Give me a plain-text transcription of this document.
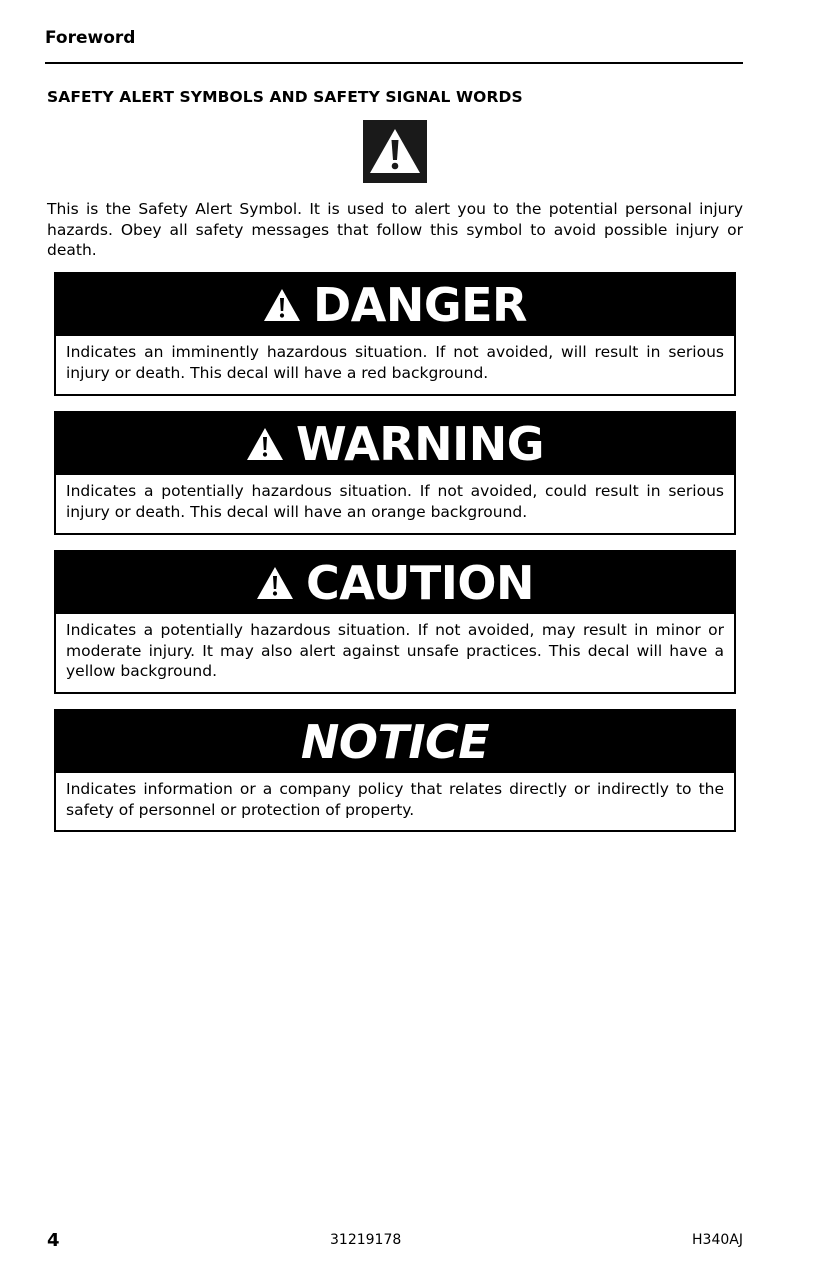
Foreword
SAFETY ALERT SYMBOLS AND SAFETY SIGNAL WORDS
This is the Safety Alert Symbol. It is used to alert you to the potential personal injury hazards. Obey all safety messages that follow this symbol to avoid possible injury or death.
DANGER
Indicates an imminently hazardous situation. If not avoided, will result in serious injury or death. This decal will have a red background.
WARNING
Indicates a potentially hazardous situation. If not avoided, could result in serious injury or death. This decal will have an orange background.
CAUTION
Indicates a potentially hazardous situation. If not avoided, may result in minor or moderate injury. It may also alert against unsafe practices. This decal will have a yellow background.
NOTICE
Indicates information or a company policy that relates directly or indirectly to the safety of personnel or protection of property.
4	31219178	H340AJ
